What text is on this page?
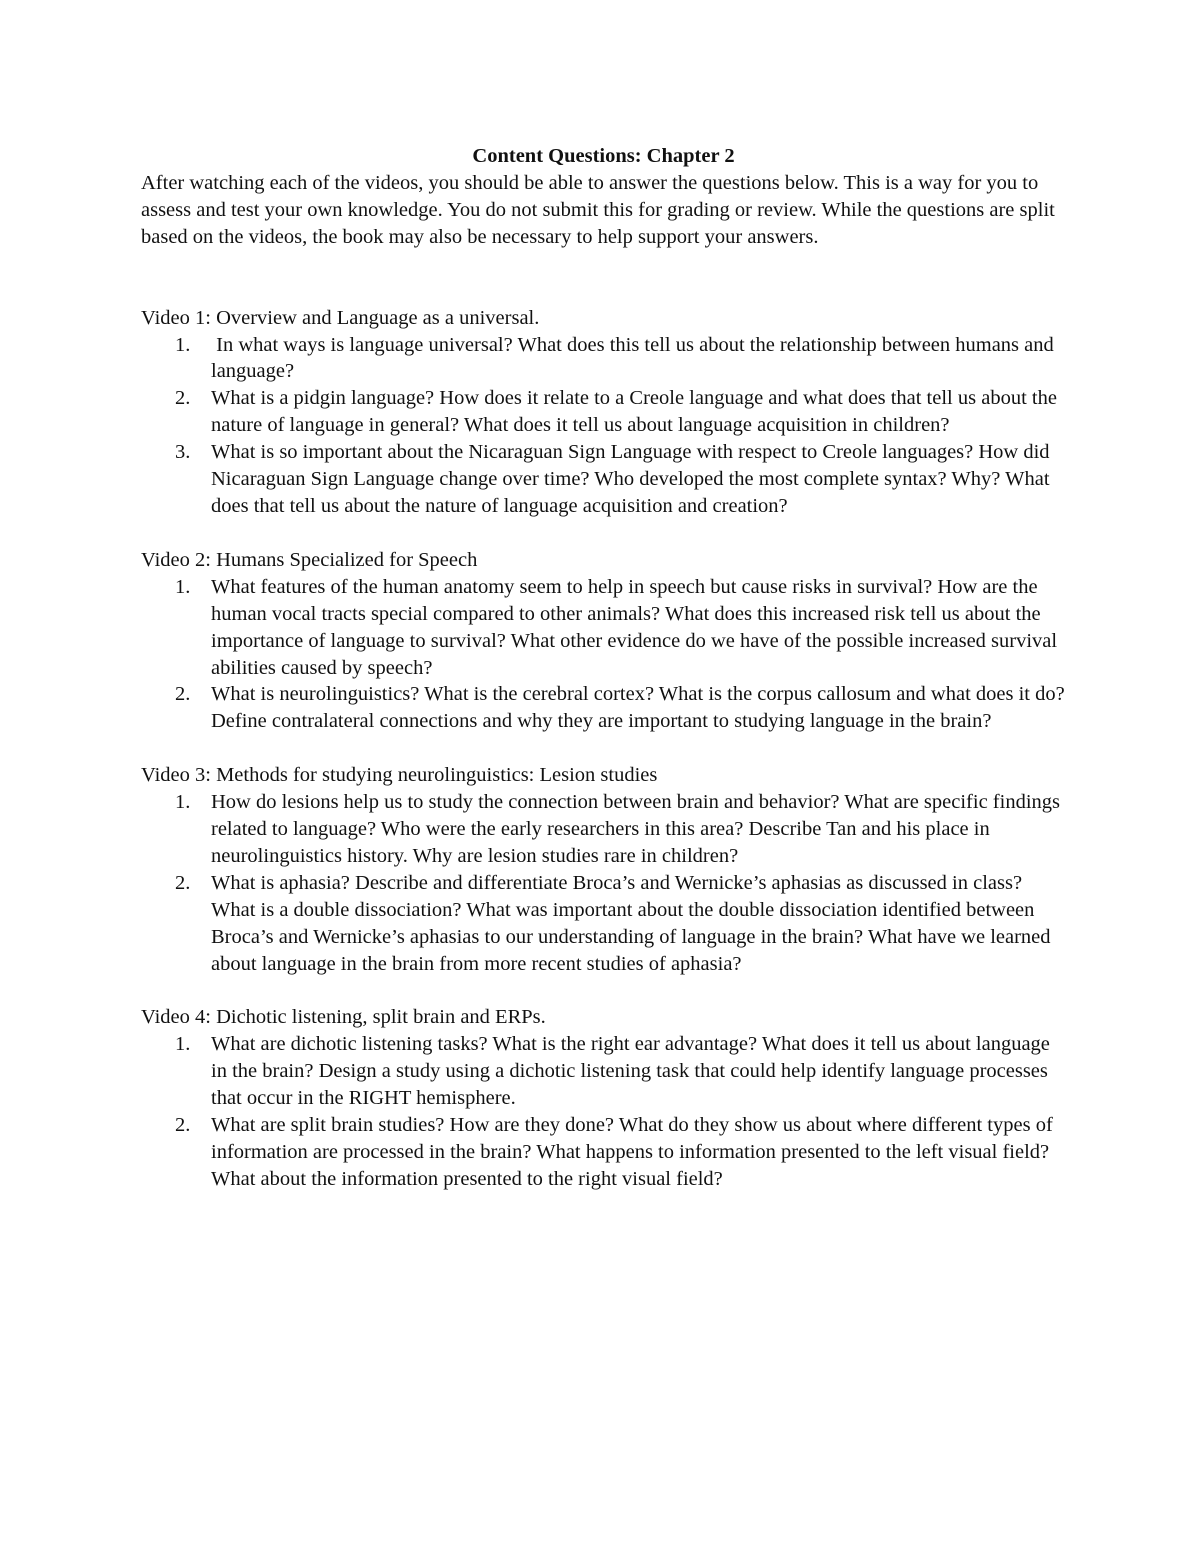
Content Questions: Chapter 2

After watching each of the videos, you should be able to answer the questions below. This is a way for you to assess and test your own knowledge. You do not submit this for grading or review. While the questions are split based on the videos, the book may also be necessary to help support your answers.

Video 1: Overview and Language as a universal.

1. In what ways is language universal? What does this tell us about the relationship between humans and language?
2. What is a pidgin language? How does it relate to a Creole language and what does that tell us about the nature of language in general? What does it tell us about language acquisition in children?
3. What is so important about the Nicaraguan Sign Language with respect to Creole languages? How did Nicaraguan Sign Language change over time? Who developed the most complete syntax? Why? What does that tell us about the nature of language acquisition and creation?

Video 2: Humans Specialized for Speech

1. What features of the human anatomy seem to help in speech but cause risks in survival? How are the human vocal tracts special compared to other animals? What does this increased risk tell us about the importance of language to survival? What other evidence do we have of the possible increased survival abilities caused by speech?
2. What is neurolinguistics? What is the cerebral cortex? What is the corpus callosum and what does it do? Define contralateral connections and why they are important to studying language in the brain?

Video 3: Methods for studying neurolinguistics: Lesion studies

1. How do lesions help us to study the connection between brain and behavior? What are specific findings related to language? Who were the early researchers in this area? Describe Tan and his place in neurolinguistics history. Why are lesion studies rare in children?
2. What is aphasia? Describe and differentiate Broca’s and Wernicke’s aphasias as discussed in class? What is a double dissociation? What was important about the double dissociation identified between Broca’s and Wernicke’s aphasias to our understanding of language in the brain? What have we learned about language in the brain from more recent studies of aphasia?

Video 4: Dichotic listening, split brain and ERPs.

1. What are dichotic listening tasks? What is the right ear advantage? What does it tell us about language in the brain? Design a study using a dichotic listening task that could help identify language processes that occur in the RIGHT hemisphere.
2. What are split brain studies? How are they done? What do they show us about where different types of information are processed in the brain? What happens to information presented to the left visual field? What about the information presented to the right visual field?
